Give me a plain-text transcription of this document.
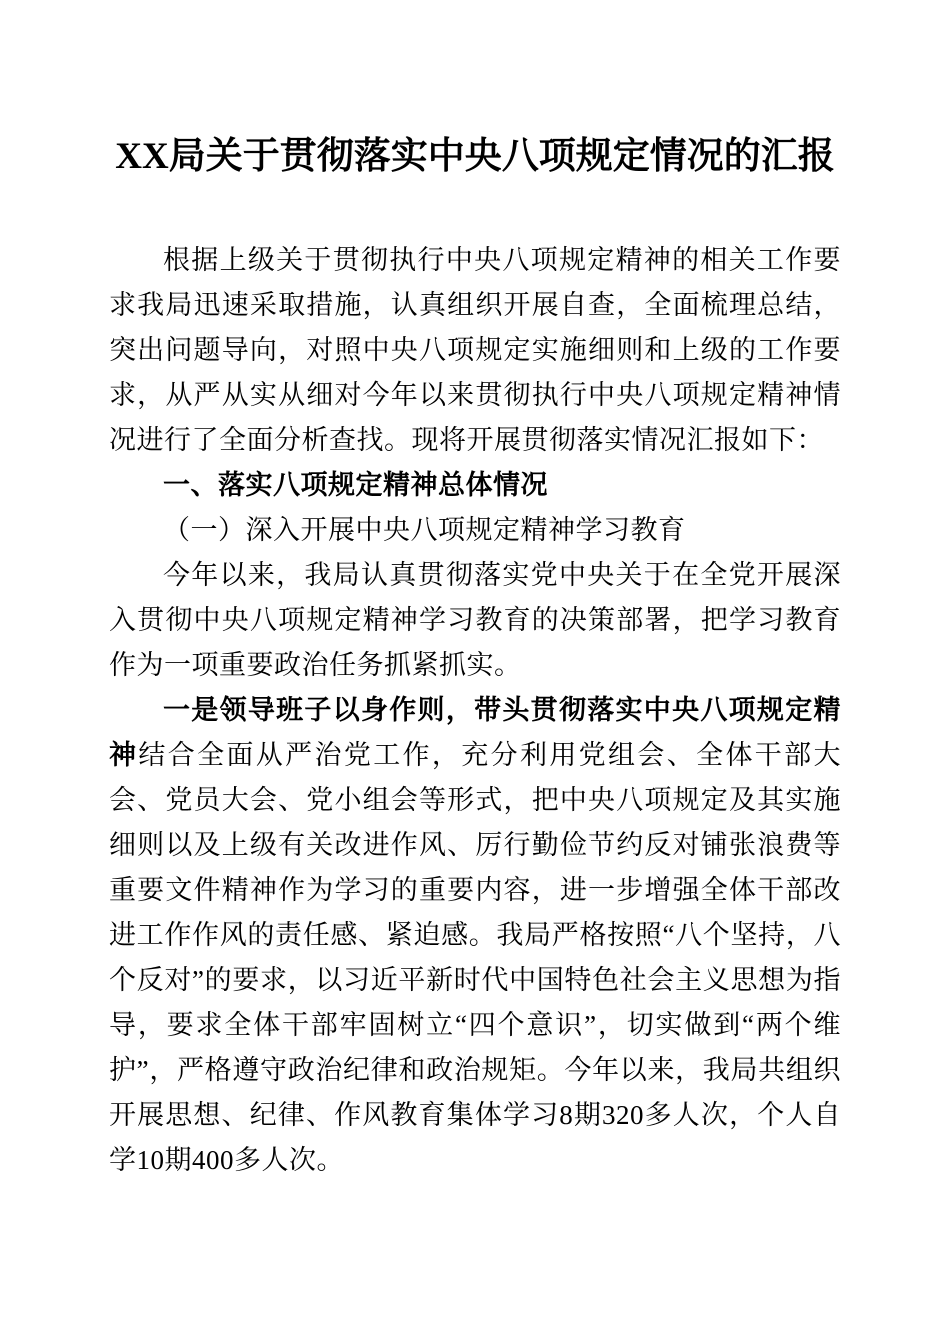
XX局关于贯彻落实中央八项规定情况的汇报

根据上级关于贯彻执行中央八项规定精神的相关工作要求我局迅速采取措施，认真组织开展自查，全面梳理总结，突出问题导向，对照中央八项规定实施细则和上级的工作要求，从严从实从细对今年以来贯彻执行中央八项规定精神情况进行了全面分析查找。现将开展贯彻落实情况汇报如下：

一、落实八项规定精神总体情况
（一）深入开展中央八项规定精神学习教育

今年以来，我局认真贯彻落实党中央关于在全党开展深入贯彻中央八项规定精神学习教育的决策部署，把学习教育作为一项重要政治任务抓紧抓实。

一是领导班子以身作则，带头贯彻落实中央八项规定精神结合全面从严治党工作，充分利用党组会、全体干部大会、党员大会、党小组会等形式，把中央八项规定及其实施细则以及上级有关改进作风、厉行勤俭节约反对铺张浪费等重要文件精神作为学习的重要内容，进一步增强全体干部改进工作作风的责任感、紧迫感。我局严格按照“八个坚持，八个反对”的要求，以习近平新时代中国特色社会主义思想为指导，要求全体干部牢固树立“四个意识”，切实做到“两个维护”，严格遵守政治纪律和政治规矩。今年以来，我局共组织开展思想、纪律、作风教育集体学习8期320多人次，个人自学10期400多人次。
